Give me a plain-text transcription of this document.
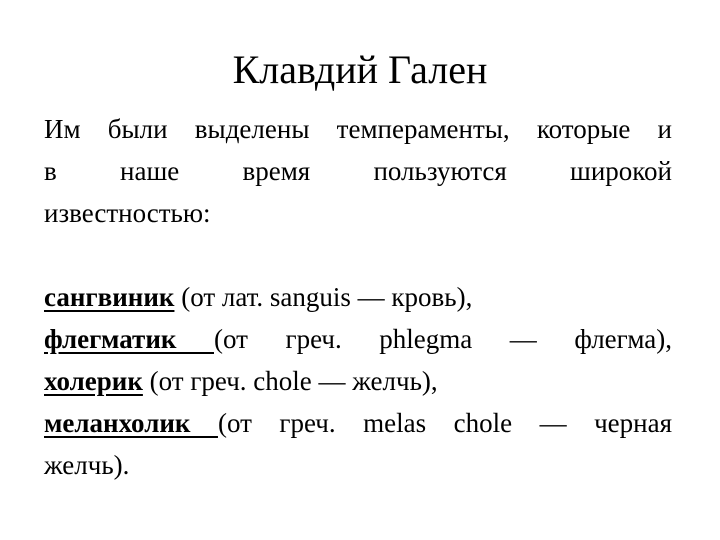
Клавдий Гален
Им были выделены темпераменты, которые и
в наше время пользуются широкой
известностью:
сангвиник (от лат. sanguis — кровь),
флегматик (от греч. phlegma — флегма),
холерик (от греч. chole — желчь),
меланхолик (от греч. melas chole — черная
желчь).
